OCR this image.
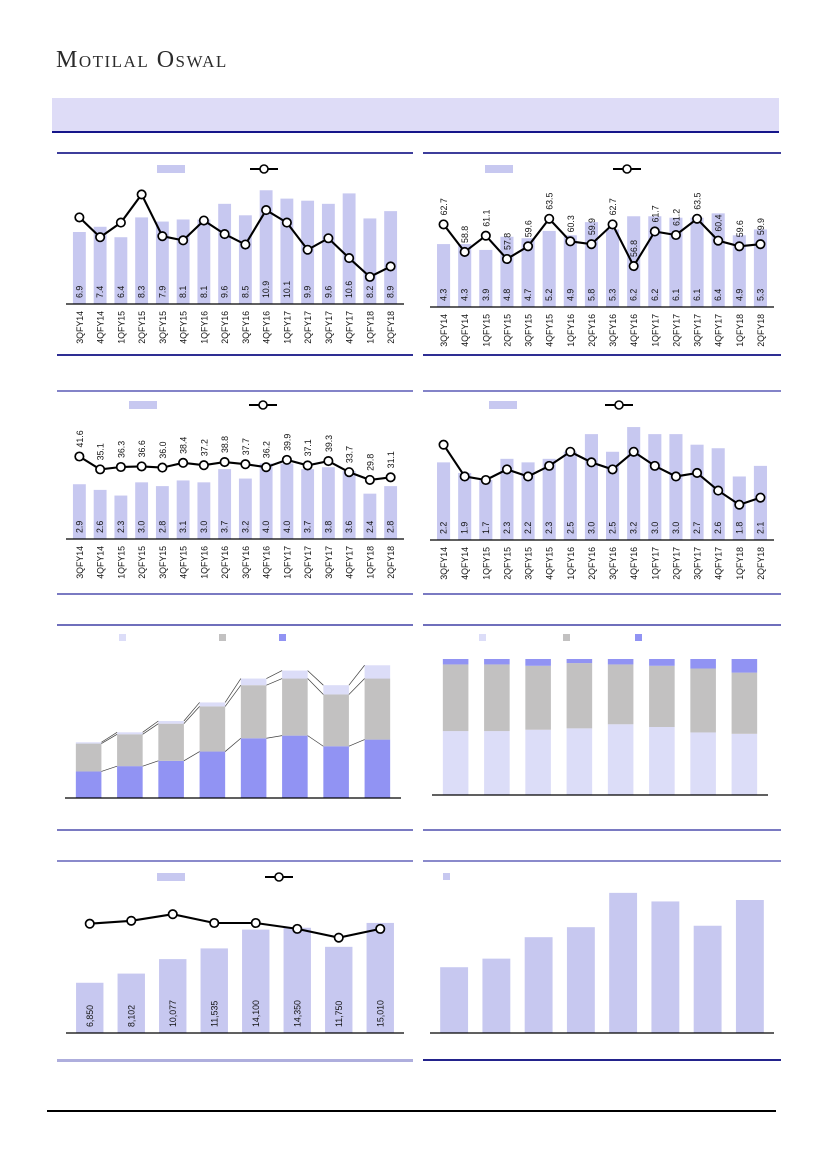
Motilal Oswal
6.9 7.4 6.4 8.3 7.9 8.1 8.1 9.6 8.5 10.9 10.1 9.9 9.6 10.6 8.2 8.9
3QFY14 4QFY14 1QFY15 2QFY15 3QFY15 4QFY15 1QFY16 2QFY16 3QFY16 4QFY16 1QFY17 2QFY17 3QFY17 4QFY17 1QFY18 2QFY18
4.3 4.3 3.9 4.8 4.7 5.2 4.9 5.8 5.3 6.2 6.2 6.1 6.1 6.4 4.9 5.3
62.7
58.8
61.1
57.8
59.6
63.5
60.3 59.9
62.7
56.8
61.7 61.2
63.5
60.4 59.6 59.9
3QFY14 4QFY14 1QFY15 2QFY15 3QFY15 4QFY15 1QFY16 2QFY16 3QFY16 4QFY16 1QFY17 2QFY17 3QFY17 4QFY17 1QFY18 2QFY18
2.9 2.6 2.3 3.0 2.8 3.1 3.0 3.7 3.2 4.0 4.0 3.7 3.8 3.6 2.4 2.8
41.6
35.1 36.3 36.6 36.0 38.4 37.2 38.8 37.7 36.2 39.9 37.1 39.3
33.7 29.8 31.1
3QFY14 4QFY14 1QFY15 2QFY15 3QFY15 4QFY15 1QFY16 2QFY16 3QFY16 4QFY16 1QFY17 2QFY17 3QFY17 4QFY17 1QFY18 2QFY18
2.2 1.9 1.7 2.3 2.2 2.3 2.5 3.0 2.5 3.2 3.0 3.0 2.7 2.6 1.8 2.1
3QFY14 4QFY14 1QFY15 2QFY15 3QFY15 4QFY15 1QFY16 2QFY16 3QFY16 4QFY16 1QFY17 2QFY17 3QFY17 4QFY17 1QFY18 2QFY18
6,850	8,102	10,077	11,535	14,100	14,350	11,750	15,010
